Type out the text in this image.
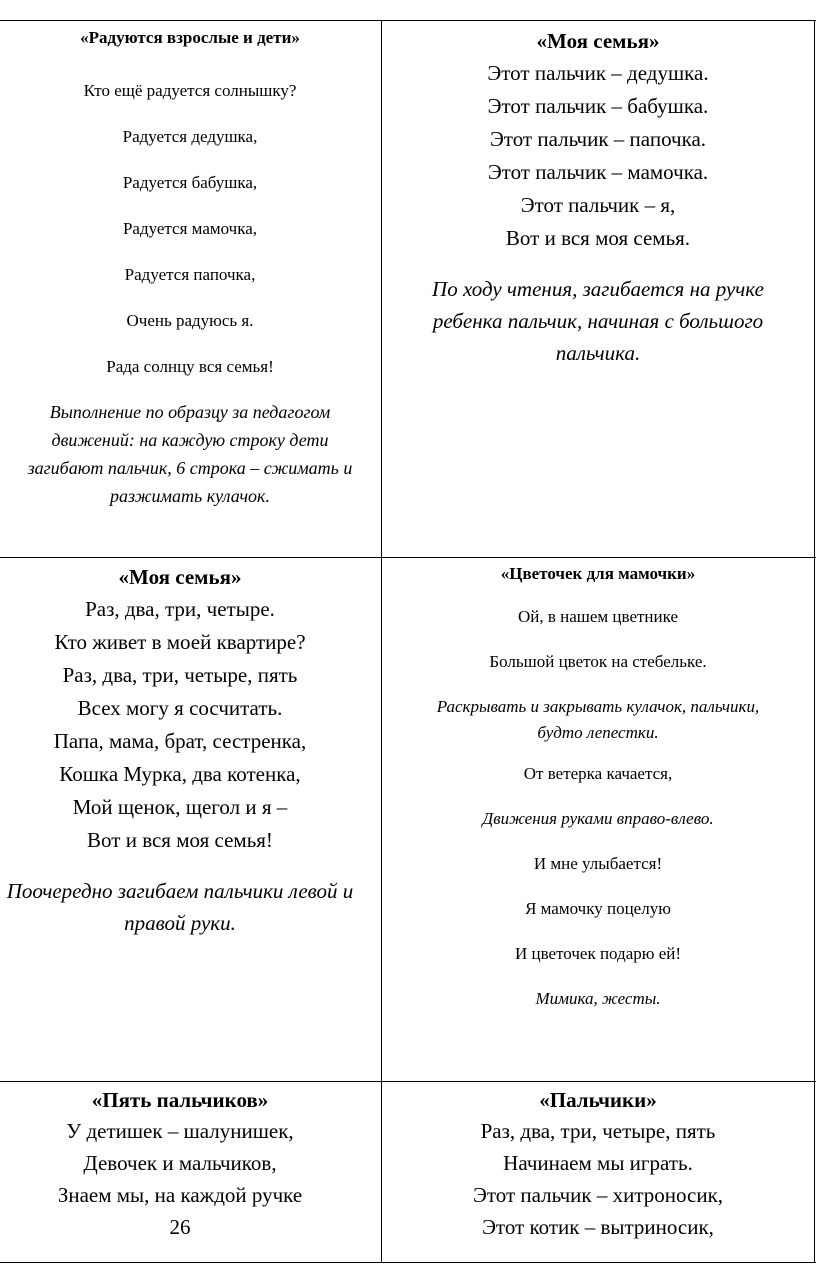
«Радуются взрослые и дети»

Кто ещё радуется солнышку?

Радуется дедушка,

Радуется бабушка,

Радуется мамочка,

Радуется папочка,

Очень радуюсь я.

Рада солнцу вся семья!

Выполнение по образцу за педагогом

движений: на каждую строку дети

загибают пальчик, 6 строка – сжимать и

разжимать кулачок.

«Моя семья»

Этот пальчик – дедушка.

Этот пальчик – бабушка.

Этот пальчик – папочка.

Этот пальчик – мамочка.

Этот пальчик – я,

Вот и вся моя семья.

По ходу чтения, загибается на ручке

ребенка пальчик, начиная с большого

пальчика.

«Моя семья»

Раз, два, три, четыре.

Кто живет в моей квартире?

Раз, два, три, четыре, пять

Всех могу я сосчитать.

Папа, мама, брат, сестренка,

Кошка Мурка, два котенка,

Мой щенок, щегол и я –

Вот и вся моя семья!

Поочередно загибаем пальчики левой и

правой руки.

«Цветочек для мамочки»

Ой, в нашем цветнике

Большой цветок на стебельке.

Раскрывать и закрывать кулачок, пальчики,

будто лепестки.

От ветерка качается,

Движения руками вправо-влево.

И мне улыбается!

Я мамочку поцелую

И цветочек подарю ей!

Мимика, жесты.

«Пять пальчиков»

У детишек – шалунишек,

Девочек и мальчиков,

Знаем мы, на каждой ручке

26

«Пальчики»

Раз, два, три, четыре, пять

Начинаем мы играть.

Этот пальчик – хитроносик,

Этот котик – вытриносик,
